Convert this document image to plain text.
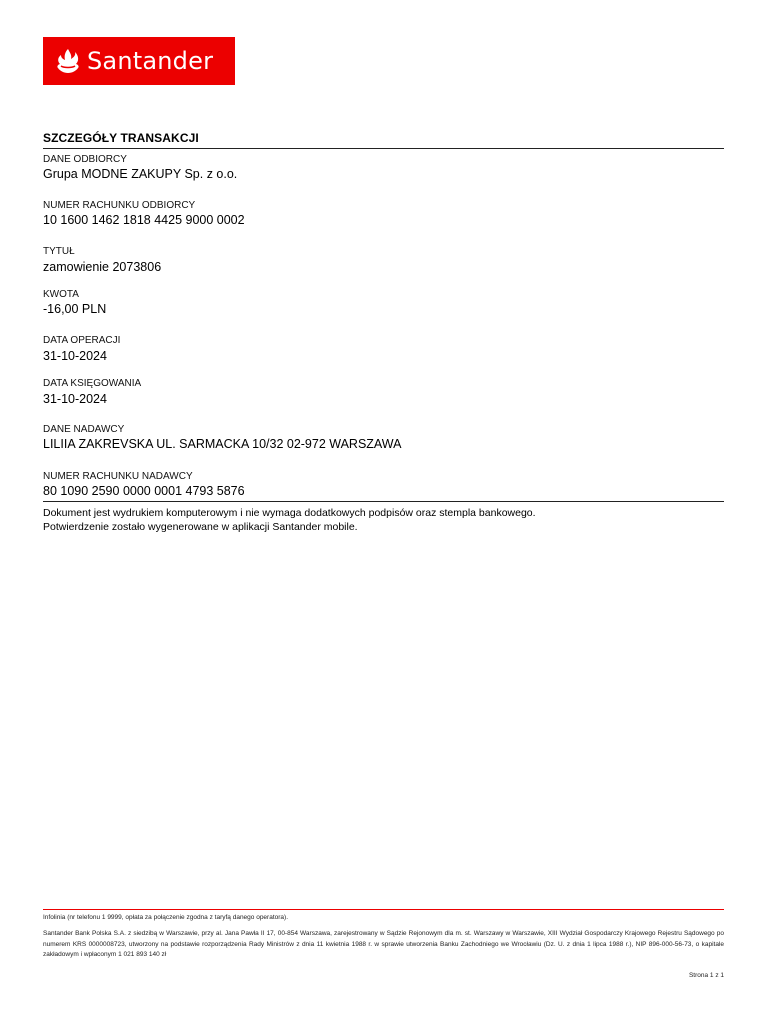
Santander
SZCZEGÓŁY TRANSAKCJI
DANE ODBIORCY
Grupa MODNE ZAKUPY Sp. z o.o.
NUMER RACHUNKU ODBIORCY
10 1600 1462 1818 4425 9000 0002
TYTUŁ
zamowienie 2073806
KWOTA
-16,00 PLN
DATA OPERACJI
31-10-2024
DATA KSIĘGOWANIA
31-10-2024
DANE NADAWCY
LILIIA ZAKREVSKA UL. SARMACKA 10/32 02-972 WARSZAWA
NUMER RACHUNKU NADAWCY
80 1090 2590 0000 0001 4793 5876
Dokument jest wydrukiem komputerowym i nie wymaga dodatkowych podpisów oraz stempla bankowego.
Potwierdzenie zostało wygenerowane w aplikacji Santander mobile.
Infolinia (nr telefonu 1 9999, opłata za połączenie zgodna z taryfą danego operatora).
Santander Bank Polska S.A. z siedzibą w Warszawie, przy al. Jana Pawła II 17, 00-854 Warszawa, zarejestrowany w Sądzie Rejonowym dla m. st. Warszawy w Warszawie, XIII Wydział Gospodarczy Krajowego Rejestru Sądowego po numerem KRS 0000008723, utworzony na podstawie rozporządzenia Rady Ministrów z dnia 11 kwietnia 1988 r. w sprawie utworzenia Banku Zachodniego we Wrocławiu (Dz. U. z dnia 1 lipca 1988 r.), NIP 896-000-56-73, o kapitale zakładowym i wpłaconym 1 021 893 140 zł
Strona 1 z 1
